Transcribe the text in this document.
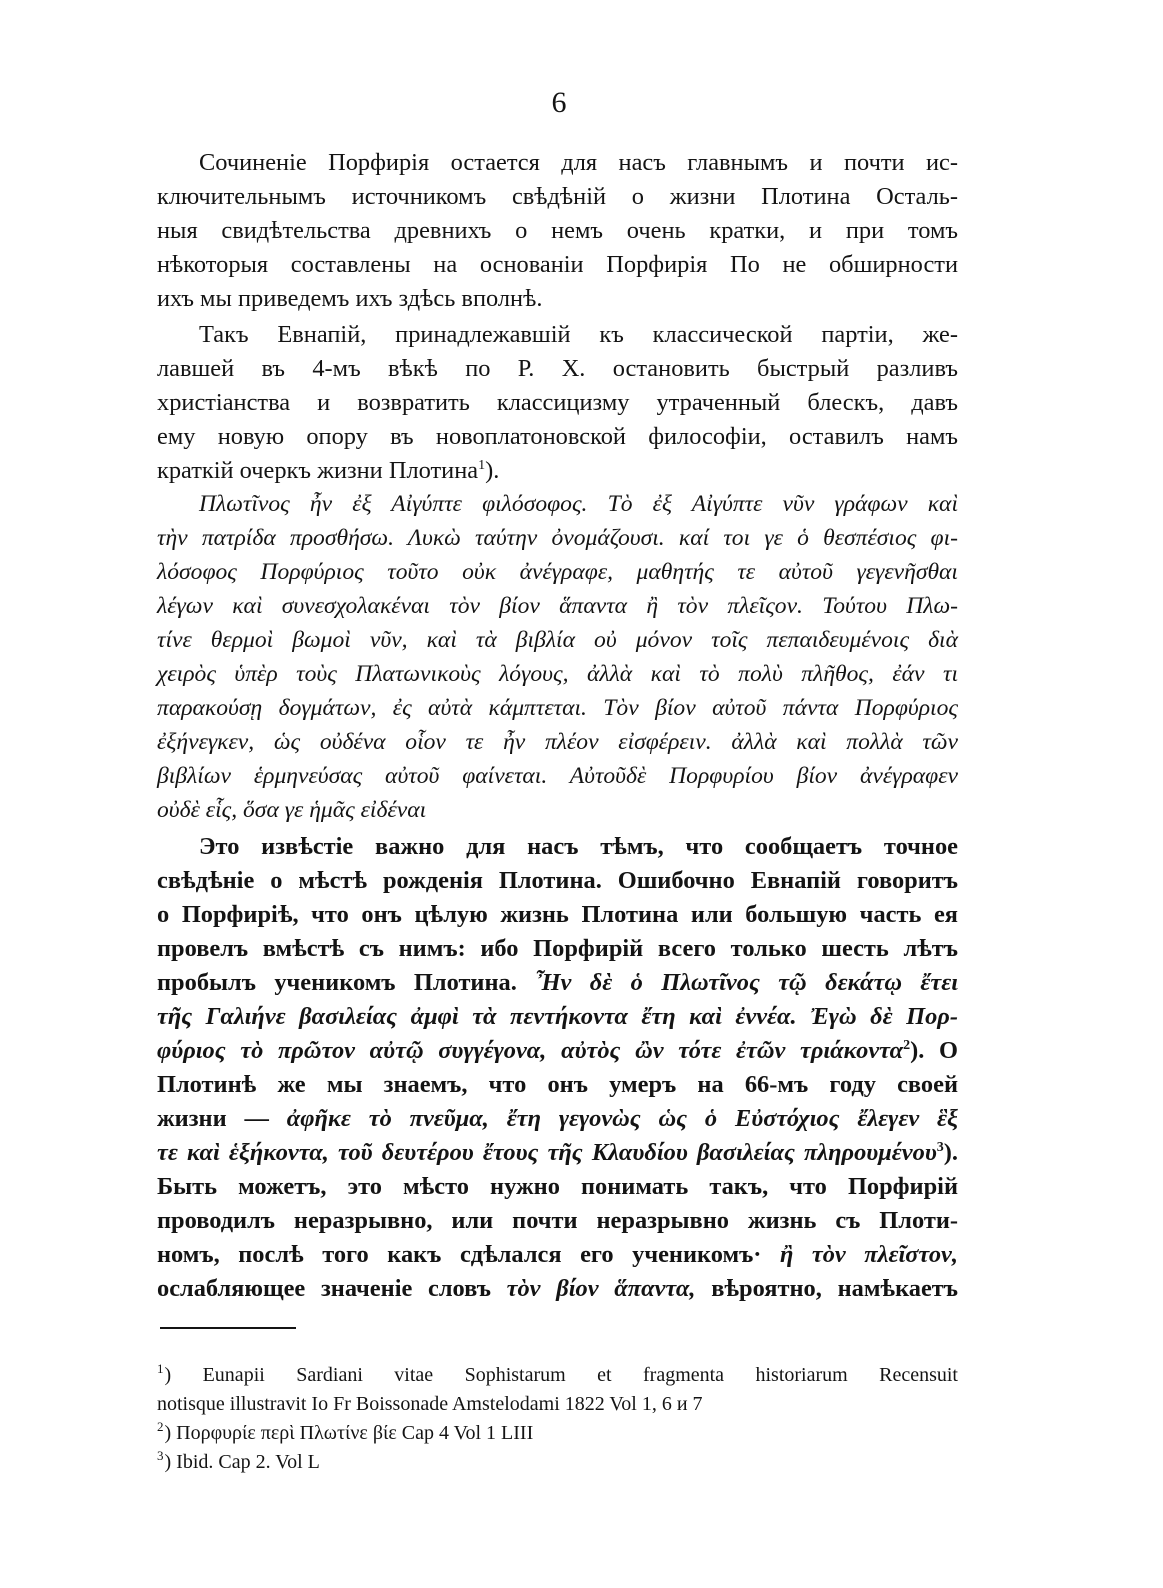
6
Сочиненіе Порфирія остается для насъ главнымъ и почти ис-
ключительнымъ источникомъ свѣдѣній о жизни Плотина Осталь-
ныя свидѣтельства древнихъ о немъ очень кратки, и при томъ
нѣкоторыя составлены на основаніи Порфирія По не обширности
ихъ мы приведемъ ихъ здѣсь вполнѣ.
Такъ Евнапій, принадлежавшій къ классической партіи, же-
лавшей въ 4-мъ вѣкѣ по Р. Х. остановить быстрый разливъ
христіанства и возвратить классицизму утраченный блескъ, давъ
ему новую опору въ новоплатоновской философіи, оставилъ намъ
краткій очеркъ жизни Плотина$^1$).
Πλωτῖνος ἦν ἐξ Αἰγύπτε φιλόσοφος. Τὸ ἐξ Αἰγύπτε νῦν γράφων καὶ
τὴν πατρίδα προσθήσω. Λυκὼ ταύτην ὀνομάζουσι. καί τοι γε ὁ θεσπέσιος φι-
λόσοφος Πορφύριος τοῦτο οὐκ ἀνέγραφε, μαθητής τε αὐτοῦ γεγενῆσθαι
λέγων καὶ συνεσχολακέναι τὸν βίον ἅπαντα ἢ τὸν πλεῖςον. Τούτου Πλω-
τίνε θερμοὶ βωμοὶ νῦν, καὶ τὰ βιβλία οὐ μόνον τοῖς πεπαιδευμένοις διὰ
χειρὸς ὑπὲρ τοὺς Πλατωνικοὺς λόγους, ἀλλὰ καὶ τὸ πολὺ πλῆθος, ἐάν τι
παρακούσῃ δογμάτων, ἐς αὐτὰ κάμπτεται. Τὸν βίον αὐτοῦ πάντα Πορφύριος
ἐξήνεγκεν, ὡς οὐδένα οἷον τε ἦν πλέον εἰσφέρειν. ἀλλὰ καὶ πολλὰ τῶν
βιβλίων ἑρμηνεύσας αὐτοῦ φαίνεται. Αὐτοῦδὲ Πορφυρίου βίον ἀνέγραφεν
οὐδὲ εἷς, ὅσα γε ἡμᾶς εἰδέναι
Это извѣстіе важно для насъ тѣмъ, что сообщаетъ точное
свѣдѣніе о мѣстѣ рожденія Плотина. Ошибочно Евнапій говоритъ
о Порфиріѣ, что онъ цѣлую жизнь Плотина или большую часть ея
провелъ вмѣстѣ съ нимъ: ибо Порфирій всего только шесть лѣтъ
пробылъ ученикомъ Плотина. Ἦν δὲ ὁ Πλωτῖνος τῷ δεκάτῳ ἔτει
τῆς Γαλιήνε βασιλείας ἀμφὶ τὰ πεντήκοντα ἔτη καὶ ἐννέα. Ἐγὼ δὲ Πορ-
φύριος τὸ πρῶτον αὐτῷ συγγέγονα, αὐτὸς ὢν τότε ἐτῶν τριάκοντα$^2$). О
Плотинѣ же мы знаемъ, что онъ умеръ на 66-мъ году своей
жизни — ἀφῆκε τὸ πνεῦμα, ἔτη γεγονὼς ὡς ὁ Εὐστόχιος ἔλεγεν ἓξ
τε καὶ ἑξήκοντα, τοῦ δευτέρου ἔτους τῆς Κλαυδίου βασιλείας πληρουμένου$^3$).
Быть можетъ, это мѣсто нужно понимать такъ, что Порфирій
проводилъ неразрывно, или почти неразрывно жизнь съ Плоти-
номъ, послѣ того какъ сдѣлался его ученикомъ· ἢ τὸν πλεῖστον,
ослабляющее значеніе словъ τὸν βίον ἅπαντα, вѣроятно, намѣкаетъ
$^1$) Eunapii Sardiani vitae Sophistarum et fragmenta historiarum Recensuit
notisque illustravit Io Fr Boissonade Amstelodami 1822 Vol 1, 6 и 7
$^2$) Πορφυρίε περὶ Πλωτίνε βίε Cap 4 Vol 1 LIII
$^3$) Ibid. Cap 2. Vol L
